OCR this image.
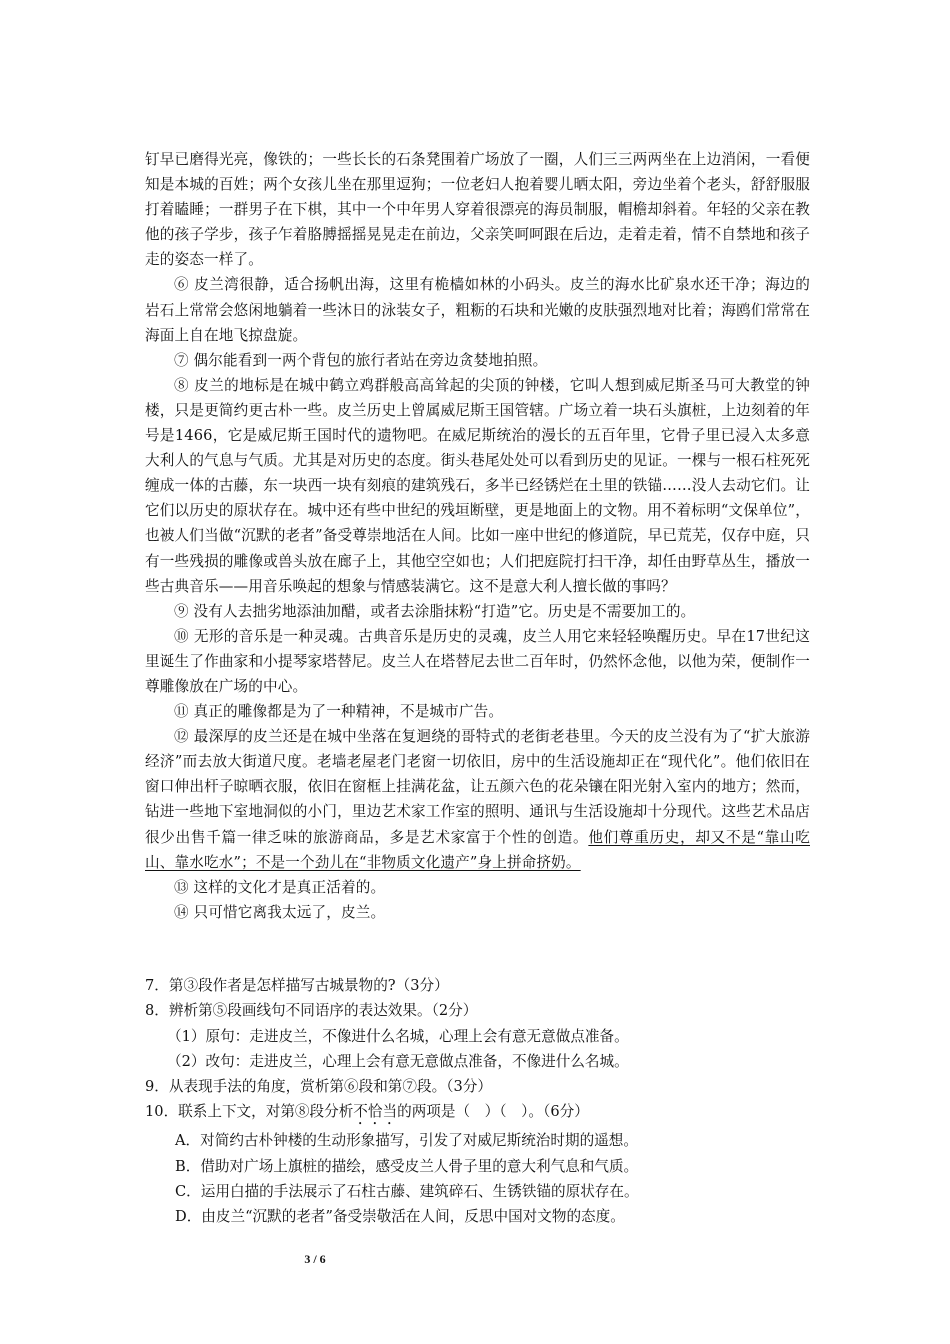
钉早已磨得光亮，像铁的；一些长长的石条凳围着广场放了一圈，人们三三两两坐在上边消闲，一看便知是本城的百姓；两个女孩儿坐在那里逗狗；一位老妇人抱着婴儿晒太阳，旁边坐着个老头，舒舒服服打着瞌睡；一群男子在下棋，其中一个中年男人穿着很漂亮的海员制服，帽檐却斜着。年轻的父亲在教他的孩子学步，孩子乍着胳膊摇摇晃晃走在前边，父亲笑呵呵跟在后边，走着走着，情不自禁地和孩子走的姿态一样了。

⑥ 皮兰湾很静，适合扬帆出海，这里有桅樯如林的小码头。皮兰的海水比矿泉水还干净；海边的岩石上常常会悠闲地躺着一些沐日的泳装女子，粗粝的石块和光嫩的皮肤强烈地对比着；海鸥们常常在海面上自在地飞掠盘旋。

⑦ 偶尔能看到一两个背包的旅行者站在旁边贪婪地拍照。

⑧ 皮兰的地标是在城中鹤立鸡群般高高耸起的尖顶的钟楼，它叫人想到威尼斯圣马可大教堂的钟楼，只是更简约更古朴一些。皮兰历史上曾属威尼斯王国管辖。广场立着一块石头旗桩，上边刻着的年号是1466，它是威尼斯王国时代的遗物吧。在威尼斯统治的漫长的五百年里，它骨子里已浸入太多意大利人的气息与气质。尤其是对历史的态度。街头巷尾处处可以看到历史的见证。一棵与一根石柱死死缠成一体的古藤，东一块西一块有刻痕的建筑残石，多半已经锈烂在土里的铁锚……没人去动它们。让它们以历史的原状存在。城中还有些中世纪的残垣断壁，更是地面上的文物。用不着标明“文保单位”，也被人们当做“沉默的老者”备受尊崇地活在人间。比如一座中世纪的修道院，早已荒芜，仅存中庭，只有一些残损的雕像或兽头放在廊子上，其他空空如也；人们把庭院打扫干净，却任由野草丛生，播放一些古典音乐——用音乐唤起的想象与情感装满它。这不是意大利人擅长做的事吗？

⑨ 没有人去拙劣地添油加醋，或者去涂脂抹粉“打造”它。历史是不需要加工的。

⑩ 无形的音乐是一种灵魂。古典音乐是历史的灵魂，皮兰人用它来轻轻唤醒历史。早在17世纪这里诞生了作曲家和小提琴家塔替尼。皮兰人在塔替尼去世二百年时，仍然怀念他，以他为荣，便制作一尊雕像放在广场的中心。

⑪ 真正的雕像都是为了一种精神，不是城市广告。

⑫ 最深厚的皮兰还是在城中坐落在复迴绕的哥特式的老街老巷里。今天的皮兰没有为了“扩大旅游经济”而去放大街道尺度。老墙老屋老门老窗一切依旧，房中的生活设施却正在“现代化”。他们依旧在窗口伸出杆子晾晒衣服，依旧在窗框上挂满花盆，让五颜六色的花朵镶在阳光射入室内的地方；然而，钻进一些地下室地洞似的小门，里边艺术家工作室的照明、通讯与生活设施却十分现代。这些艺术品店很少出售千篇一律乏味的旅游商品，多是艺术家富于个性的创造。他们尊重历史，却又不是“靠山吃山、靠水吃水”；不是一个劲儿在“非物质文化遗产”身上拼命挤奶。

⑬ 这样的文化才是真正活着的。

⑭ 只可惜它离我太远了，皮兰。

7．第③段作者是怎样描写古城景物的?（3分）

8．辨析第⑤段画线句不同语序的表达效果。（2分）

（1）原句：走进皮兰，不像进什么名城，心理上会有意无意做点准备。

（2）改句：走进皮兰，心理上会有意无意做点准备，不像进什么名城。

9．从表现手法的角度，赏析第⑥段和第⑦段。（3分）

10．联系上下文，对第⑧段分析不恰当的两项是（　）（　）。（6分）

A．对简约古朴钟楼的生动形象描写，引发了对威尼斯统治时期的遥想。

B．借助对广场上旗桩的描绘，感受皮兰人骨子里的意大利气息和气质。

C．运用白描的手法展示了石柱古藤、建筑碎石、生锈铁锚的原状存在。

D．由皮兰“沉默的老者”备受崇敬活在人间，反思中国对文物的态度。

3 / 6
